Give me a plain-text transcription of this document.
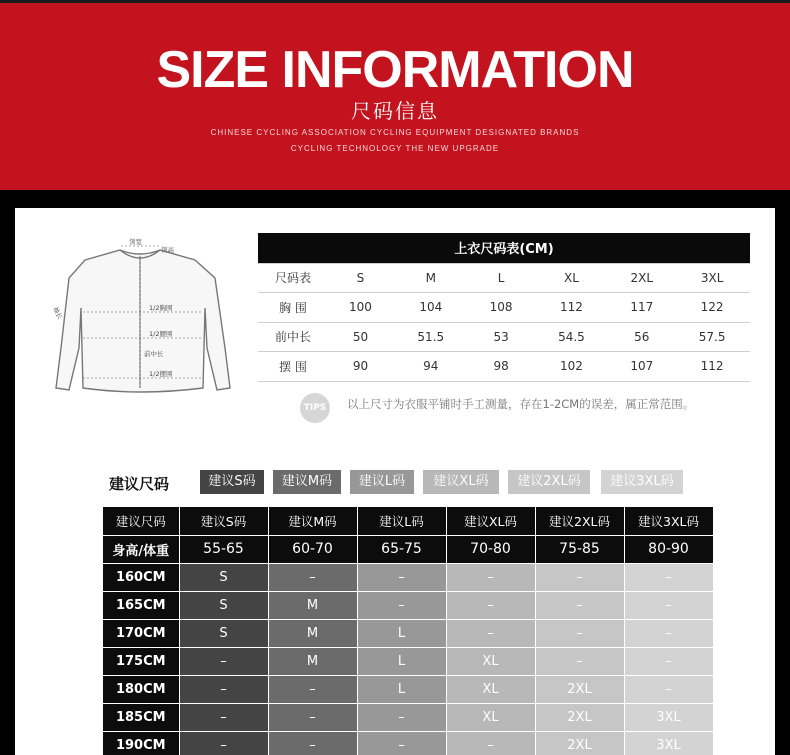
SIZE INFORMATION
尺码信息
CHINESE CYCLING ASSOCIATION CYCLING EQUIPMENT DESIGNATED BRANDS
CYCLING TECHNOLOGY THE NEW UPGRADE
领宽
领高
袖长	1/2胸围
1/2腰围
前中长
1/2摆围
上衣尺码表(CM)						
尺码表	S	M	L	XL	2XL	3XL
胸 围	100	104	108	112	117	122
前中长	50	51.5	53	54.5	56	57.5
摆 围	90	94	98	102	107	112
TIPS	以上尺寸为衣服平铺时手工测量，存在1-2CM的误差，属正常范围。
建议尺码	建议S码	建议M码	建议L码	建议XL码	建议2XL码	建议3XL码
建议尺码	建议S码	建议M码	建议L码	建议XL码	建议2XL码	建议3XL码
身高/体重	55-65	60-70	65-75	70-80	75-85	80-90
160CM	S	–	–	–	–	–
165CM	S	M	–	–	–	–
170CM	S	M	L	–	–	–
175CM	–	M	L	XL	–	–
180CM	–	–	L	XL	2XL	–
185CM	–	–	–	XL	2XL	3XL
190CM	–	–	–	–	2XL	3XL
